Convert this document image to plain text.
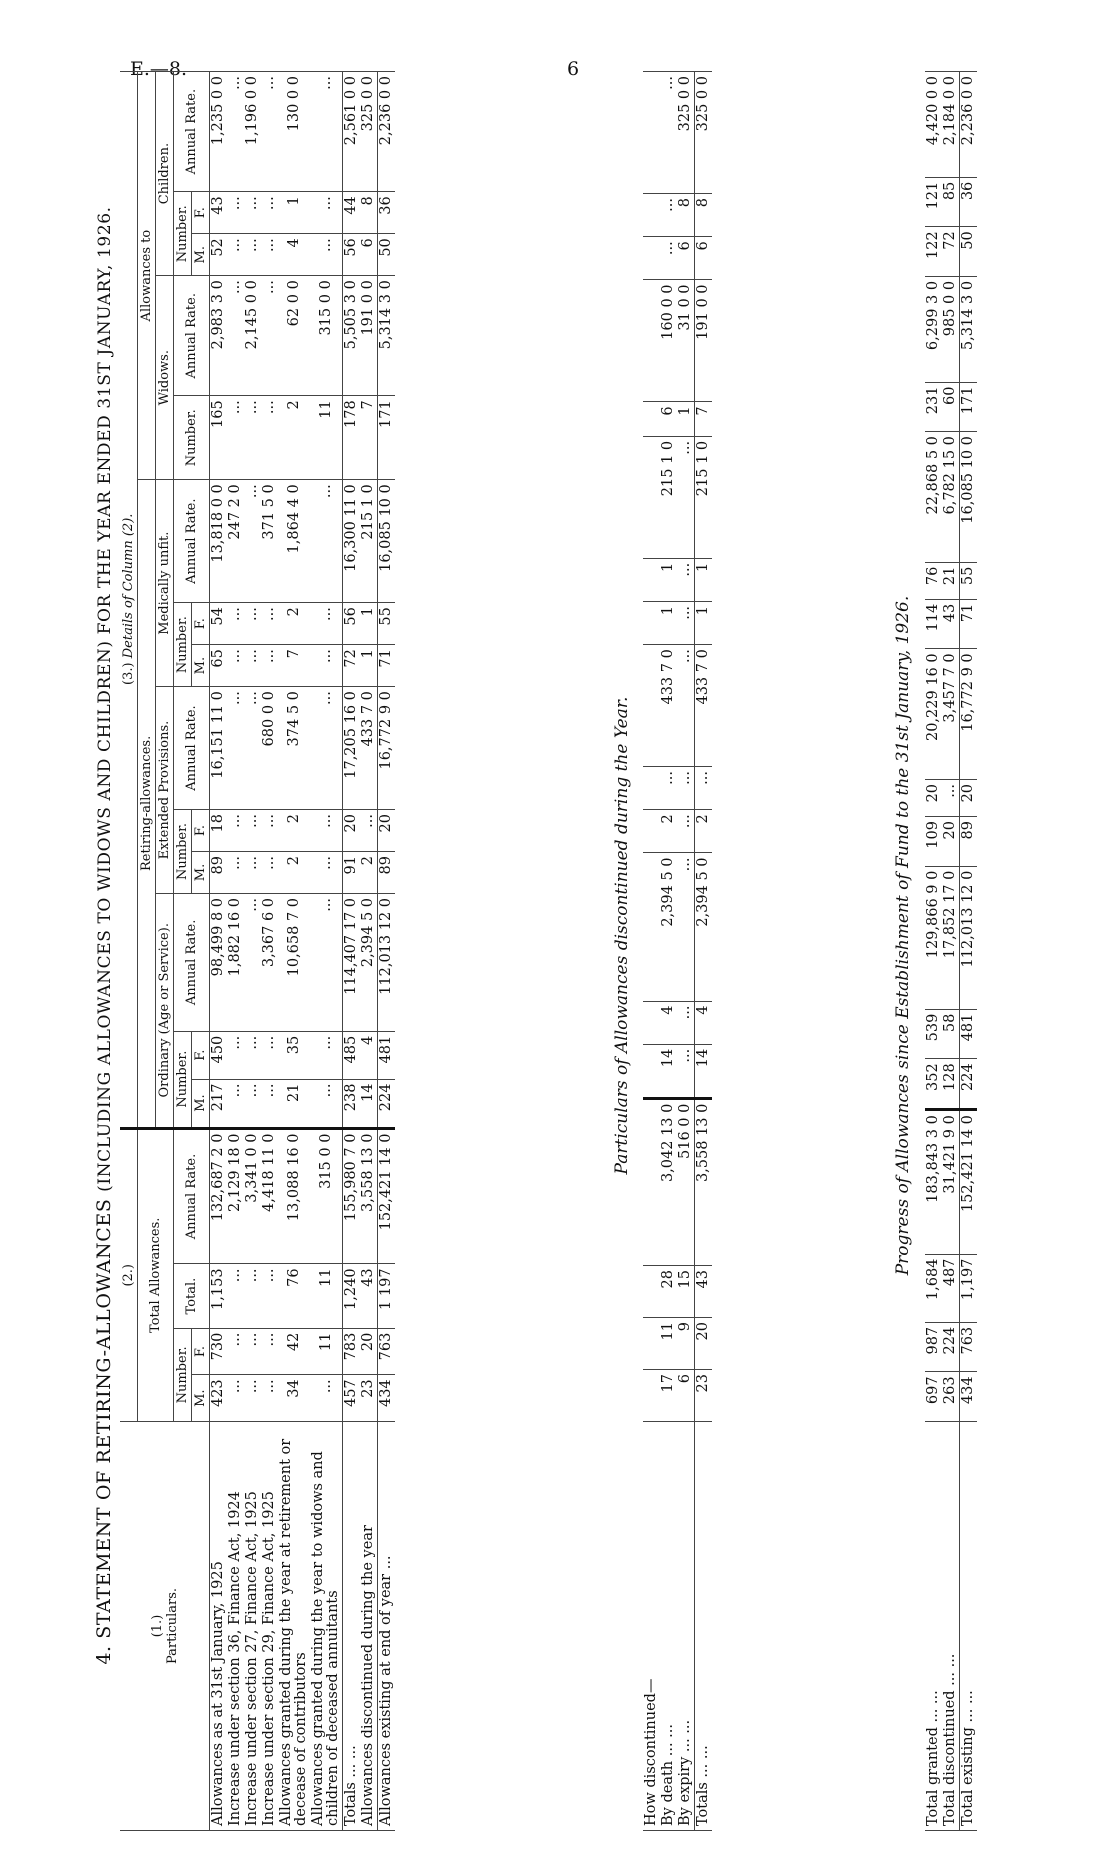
E.—8.	6
4. STATEMENT OF RETIRING-ALLOWANCES (INCLUDING ALLOWANCES TO WIDOWS AND CHILDREN) FOR THE YEAR ENDED 31ST JANUARY, 1926.
(1.)
Particulars.	(2.)				(3.) Details of Column (2).													
	Total Allowances.				Retiring-allowances.									Allowances to				
					Ordinary (Age or Service).			Extended Provisions.			Medically unfit.			Widows.		Children.		
	Number.		Total.	Annual Rate.	Number.		Annual Rate.	Number.		Annual Rate.	Number.		Annual Rate.	Number.	Annual Rate.	Number.		Annual Rate.
	M.	F.			M.	F.		M.	F.		M.	F.				M.	F.	
Allowances as at 31st January, 1925	423	730	1,153	132,687 2 0	217	450	98,499 8 0	89	18	16,151 11 0	65	54	13,818 0 0	165	2,983 3 0	52	43	1,235 0 0
Increase under section 36, Finance Act, 1924	...	...	...	2,129 18 0	...	...	1,882 16 0	...	...	...	...	...	247 2 0	...	...	...	...	...
Increase under section 27, Finance Act, 1925	...	...	...	3,341 0 0	...	...	...	...	...	...	...	...	...	...	2,145 0 0	...	...	1,196 0 0
Increase under section 29, Finance Act, 1925	...	...	...	4,418 11 0	...	...	3,367 6 0	...	...	680 0 0	...	...	371 5 0	...	...	...	...	...
Allowances granted during the year at retirement or decease of contributors	34	42	76	13,088 16 0	21	35	10,658 7 0	2	2	374 5 0	7	2	1,864 4 0	2	62 0 0	4	1	130 0 0
Allowances granted during the year to widows and children of deceased annuitants	...	11	11	315 0 0	...	...	...	...	...	...	...	...	...	11	315 0 0	...	...	...
Totals ... ...	457	783	1,240	155,980 7 0	238	485	114,407 17 0	91	20	17,205 16 0	72	56	16,300 11 0	178	5,505 3 0	56	44	2,561 0 0
Allowances discontinued during the year	23	20	43	3,558 13 0	14	4	2,394 5 0	2	...	433 7 0	1	1	215 1 0	7	191 0 0	6	8	325 0 0
Allowances existing at end of year ...	434	763	1 197	152,421 14 0	224	481	112,013 12 0	89	20	16,772 9 0	71	55	16,085 10 0	171	5,314 3 0	50	36	2,236 0 0
Particulars of Allowances discontinued during the Year.
How discontinued—																		
By death ... ...	17	11	28	3,042 13 0	14	4	2,394 5 0	2	...	433 7 0	1	1	215 1 0	6	160 0 0	...	...	...
By expiry ... ...	6	9	15	516 0 0	...	...	...	...	...	...	...	...	...	1	31 0 0	6	8	325 0 0
Totals ... ...	23	20	43	3,558 13 0	14	4	2,394 5 0	2	...	433 7 0	1	1	215 1 0	7	191 0 0	6	8	325 0 0
Progress of Allowances since Establishment of Fund to the 31st January, 1926.
Total granted ... ...	697	987	1,684	183,843 3 0	352	539	129,866 9 0	109	20	20,229 16 0	114	76	22,868 5 0	231	6,299 3 0	122	121	4,420 0 0
Total discontinued ... ...	263	224	487	31,421 9 0	128	58	17,852 17 0	20	...	3,457 7 0	43	21	6,782 15 0	60	985 0 0	72	85	2,184 0 0
Total existing ... ...	434	763	1,197	152,421 14 0	224	481	112,013 12 0	89	20	16,772 9 0	71	55	16,085 10 0	171	5,314 3 0	50	36	2,236 0 0
